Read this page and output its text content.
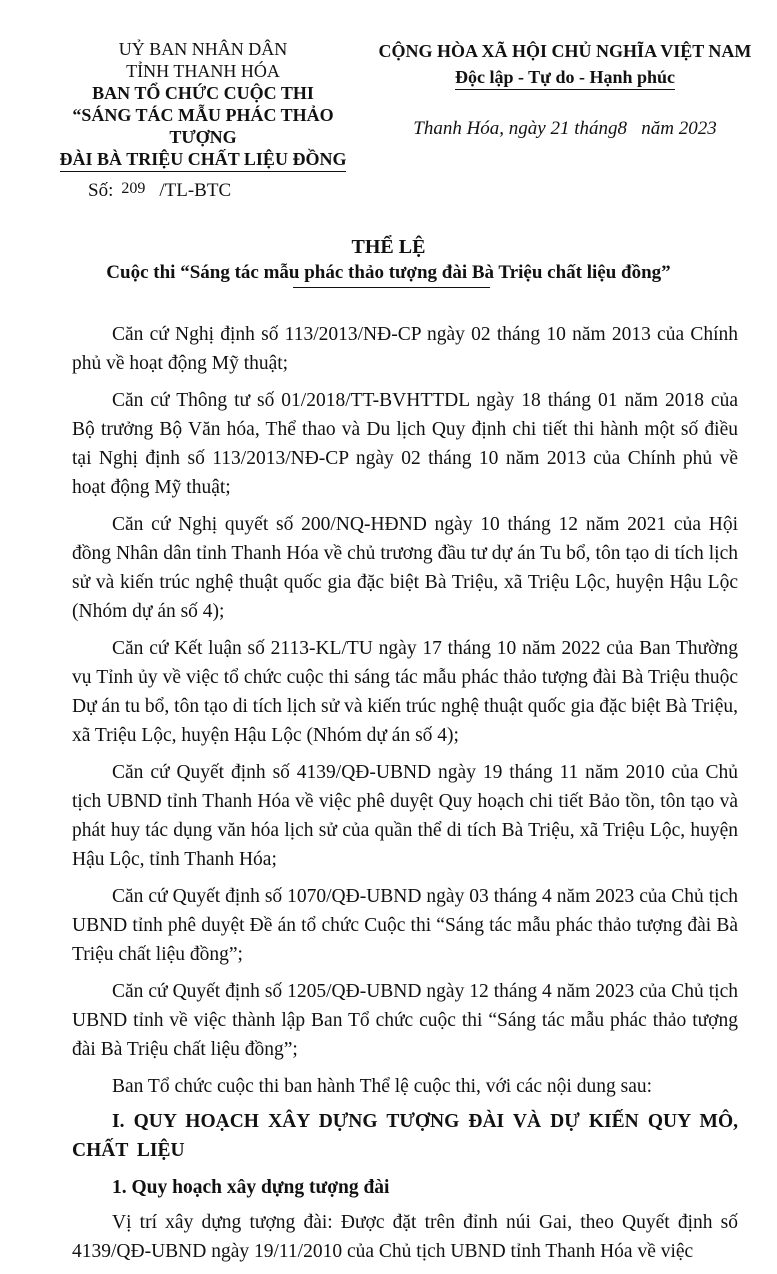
UỶ BAN NHÂN DÂN
TỈNH THANH HÓA
BAN TỔ CHỨC CUỘC THI
“SÁNG TÁC MẪU PHÁC THẢO TƯỢNG
ĐÀI BÀ TRIỆU CHẤT LIỆU ĐỒNG
CỘNG HÒA XÃ HỘI CHỦ NGHĨA VIỆT NAM
Độc lập - Tự do - Hạnh phúc
Thanh Hóa, ngày 21 tháng8 năm 2023
Số: 209 /TL-BTC
THỂ LỆ
Cuộc thi “Sáng tác mẫu phác thảo tượng đài Bà Triệu chất liệu đồng”

Căn cứ Nghị định số 113/2013/NĐ-CP ngày 02 tháng 10 năm 2013 của Chính phủ về hoạt động Mỹ thuật;

Căn cứ Thông tư số 01/2018/TT-BVHTTDL ngày 18 tháng 01 năm 2018 của Bộ trưởng Bộ Văn hóa, Thể thao và Du lịch Quy định chi tiết thi hành một số điều tại Nghị định số 113/2013/NĐ-CP ngày 02 tháng 10 năm 2013 của Chính phủ về hoạt động Mỹ thuật;

Căn cứ Nghị quyết số 200/NQ-HĐND ngày 10 tháng 12 năm 2021 của Hội đồng Nhân dân tỉnh Thanh Hóa về chủ trương đầu tư dự án Tu bổ, tôn tạo di tích lịch sử và kiến trúc nghệ thuật quốc gia đặc biệt Bà Triệu, xã Triệu Lộc, huyện Hậu Lộc (Nhóm dự án số 4);

Căn cứ Kết luận số 2113-KL/TU ngày 17 tháng 10 năm 2022 của Ban Thường vụ Tỉnh ủy về việc tổ chức cuộc thi sáng tác mẫu phác thảo tượng đài Bà Triệu thuộc Dự án tu bổ, tôn tạo di tích lịch sử và kiến trúc nghệ thuật quốc gia đặc biệt Bà Triệu, xã Triệu Lộc, huyện Hậu Lộc (Nhóm dự án số 4);

Căn cứ Quyết định số 4139/QĐ-UBND ngày 19 tháng 11 năm 2010 của Chủ tịch UBND tỉnh Thanh Hóa về việc phê duyệt Quy hoạch chi tiết Bảo tồn, tôn tạo và phát huy tác dụng văn hóa lịch sử của quần thể di tích Bà Triệu, xã Triệu Lộc, huyện Hậu Lộc, tỉnh Thanh Hóa;

Căn cứ Quyết định số 1070/QĐ-UBND ngày 03 tháng 4 năm 2023 của Chủ tịch UBND tỉnh phê duyệt Đề án tổ chức Cuộc thi “Sáng tác mẫu phác thảo tượng đài Bà Triệu chất liệu đồng”;

Căn cứ Quyết định số 1205/QĐ-UBND ngày 12 tháng 4 năm 2023 của Chủ tịch UBND tỉnh về việc thành lập Ban Tổ chức cuộc thi “Sáng tác mẫu phác thảo tượng đài Bà Triệu chất liệu đồng”;

Ban Tổ chức cuộc thi ban hành Thể lệ cuộc thi, với các nội dung sau:

I. QUY HOẠCH XÂY DỰNG TƯỢNG ĐÀI VÀ DỰ KIẾN QUY MÔ, CHẤT LIỆU
1. Quy hoạch xây dựng tượng đài

Vị trí xây dựng tượng đài: Được đặt trên đỉnh núi Gai, theo Quyết định số 4139/QĐ-UBND ngày 19/11/2010 của Chủ tịch UBND tỉnh Thanh Hóa về việc
